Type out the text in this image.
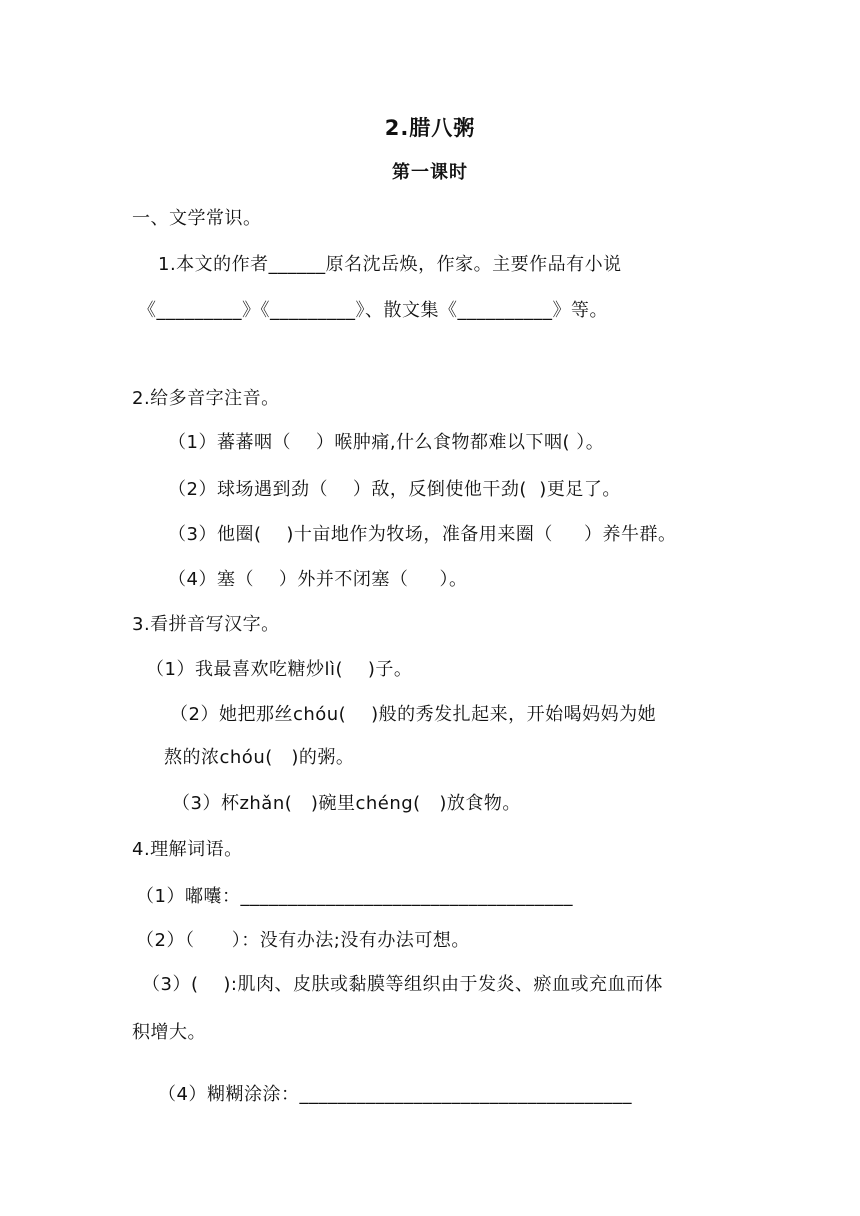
2.腊八粥
第一课时
一、文学常识。
1.本文的作者______原名沈岳焕，作家。主要作品有小说
《_________》《_________》、散文集《__________》等。
2.给多音字注音。
（1）蕃蕃咽（    ）喉肿痛,什么食物都难以下咽( ）。
（2）球场遇到劲（    ）敌，反倒使他干劲(  )更足了。
（3）他圈(    )十亩地作为牧场，准备用来圈（     ）养牛群。
（4）塞（    ）外并不闭塞（     ）。
3.看拼音写汉字。
（1）我最喜欢吃糖炒lì(    )子。
（2）她把那丝chóu(    )般的秀发扎起来，开始喝妈妈为她
熬的浓chóu(   )的粥。
（3）杯zhǎn(   )碗里chéng(   )放食物。
4.理解词语。
（1）嘟囔：___________________________________
（2）（      ）：没有办法;没有办法可想。
（3）(    ):肌肉、皮肤或黏膜等组织由于发炎、瘀血或充血而体
积增大。
（4）糊糊涂涂：___________________________________
